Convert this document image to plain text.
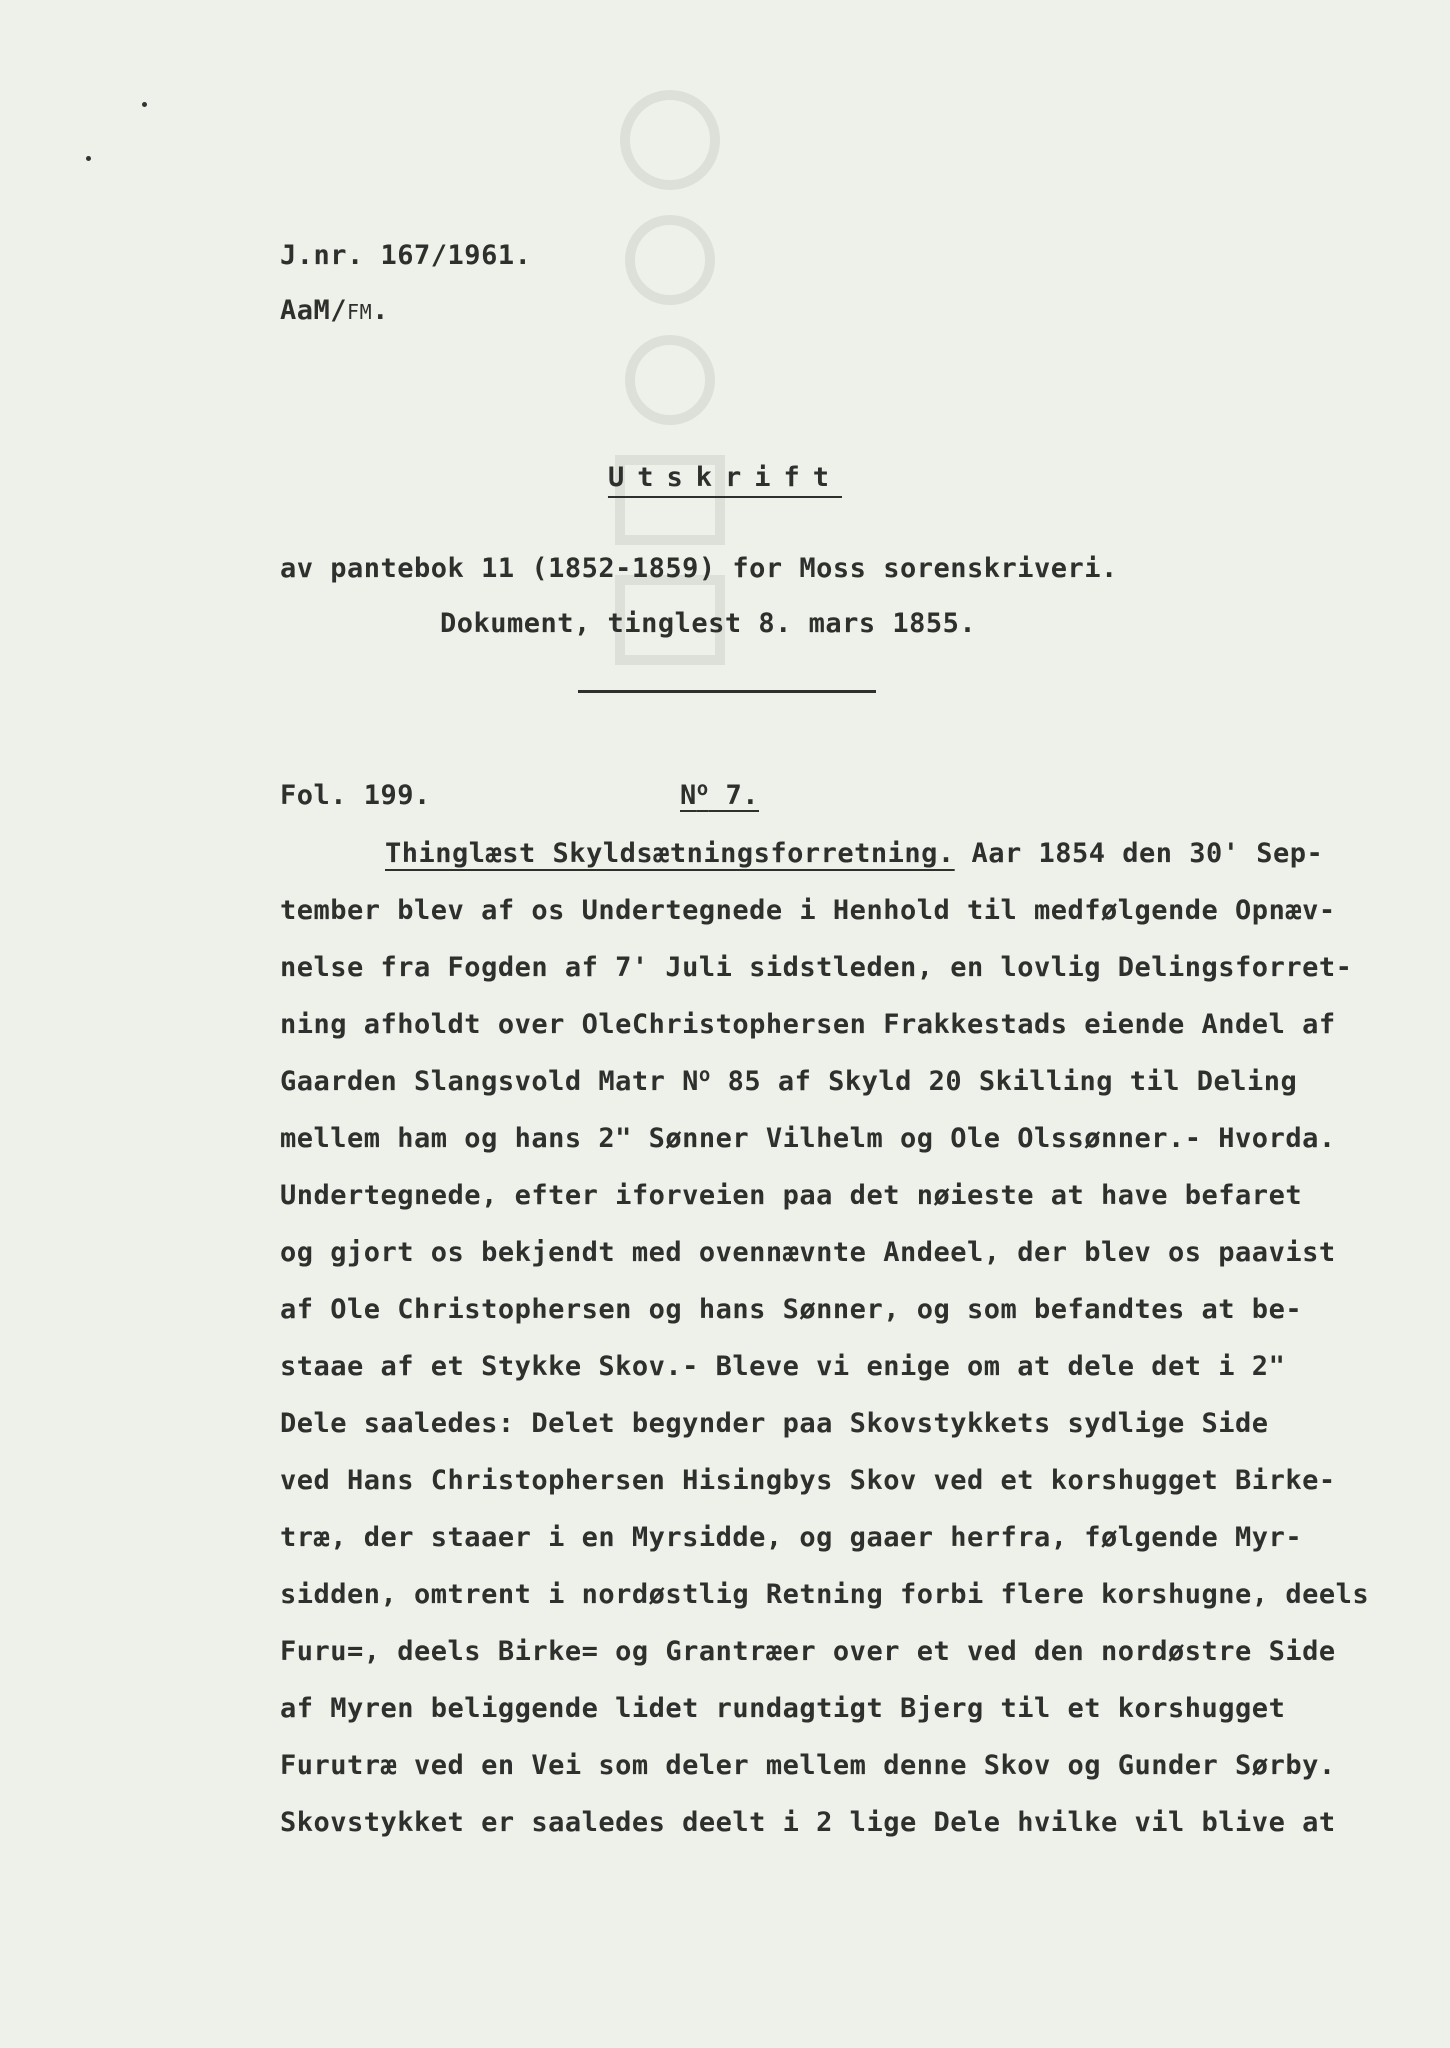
J.nr. 167/1961.
AaM/FM.
Utskrift
av pantebok 11 (1852-1859) for Moss sorenskriveri.
Dokument, tinglest 8. mars 1855.
Fol. 199.	$N^o$ 7.
Thinglæst Skyldsætningsforretning. Aar 1854 den 30' Sep-
tember blev af os Undertegnede i Henhold til medfølgende Opnæv-
nelse fra Fogden af 7' Juli sidstleden, en lovlig Delingsforret-
ning afholdt over OleChristophersen Frakkestads eiende Andel af
Gaarden Slangsvold Matr $N^o$ 85 af Skyld 20 Skilling til Deling
mellem ham og hans 2" Sønner Vilhelm og Ole Olssønner.- Hvorda.
Undertegnede, efter iforveien paa det nøieste at have befaret
og gjort os bekjendt med ovennævnte Andeel, der blev os paavist
af Ole Christophersen og hans Sønner, og som befandtes at be-
staae af et Stykke Skov.- Bleve vi enige om at dele det i 2"
Dele saaledes: Delet begynder paa Skovstykkets sydlige Side
ved Hans Christophersen Hisingbys Skov ved et korshugget Birke-
træ, der staaer i en Myrsidde, og gaaer herfra, følgende Myr-
sidden, omtrent i nordøstlig Retning forbi flere korshugne, deels
Furu=, deels Birke= og Grantræer over et ved den nordøstre Side
af Myren beliggende lidet rundagtigt Bjerg til et korshugget
Furutræ ved en Vei som deler mellem denne Skov og Gunder Sørby.
Skovstykket er saaledes deelt i 2 lige Dele hvilke vil blive at
